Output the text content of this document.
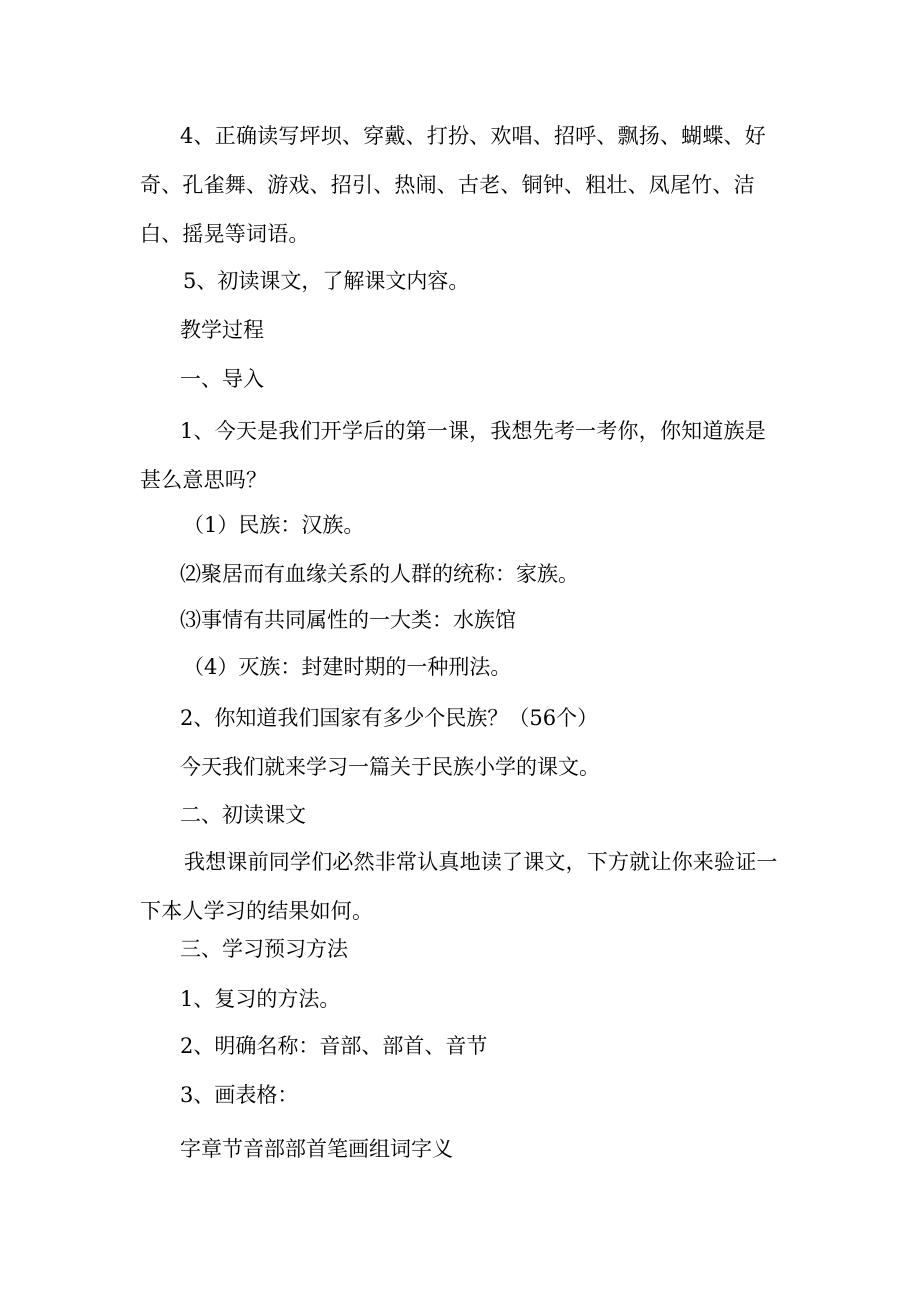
4、正确读写坪坝、穿戴、打扮、欢唱、招呼、飘扬、蝴蝶、好奇、孔雀舞、游戏、招引、热闹、古老、铜钟、粗壮、凤尾竹、洁白、摇晃等词语。
5、初读课文，了解课文内容。
教学过程
一、导入
1、今天是我们开学后的第一课，我想先考一考你，你知道族是甚么意思吗？
（1）民族：汉族。
⑵聚居而有血缘关系的人群的统称：家族。
⑶事情有共同属性的一大类：水族馆
（4）灭族：封建时期的一种刑法。
2、你知道我们国家有多少个民族？（56个）
今天我们就来学习一篇关于民族小学的课文。
二、初读课文
我想课前同学们必然非常认真地读了课文，下方就让你来验证一下本人学习的结果如何。
三、学习预习方法
1、复习的方法。
2、明确名称：音部、部首、音节
3、画表格：
字章节音部部首笔画组词字义
